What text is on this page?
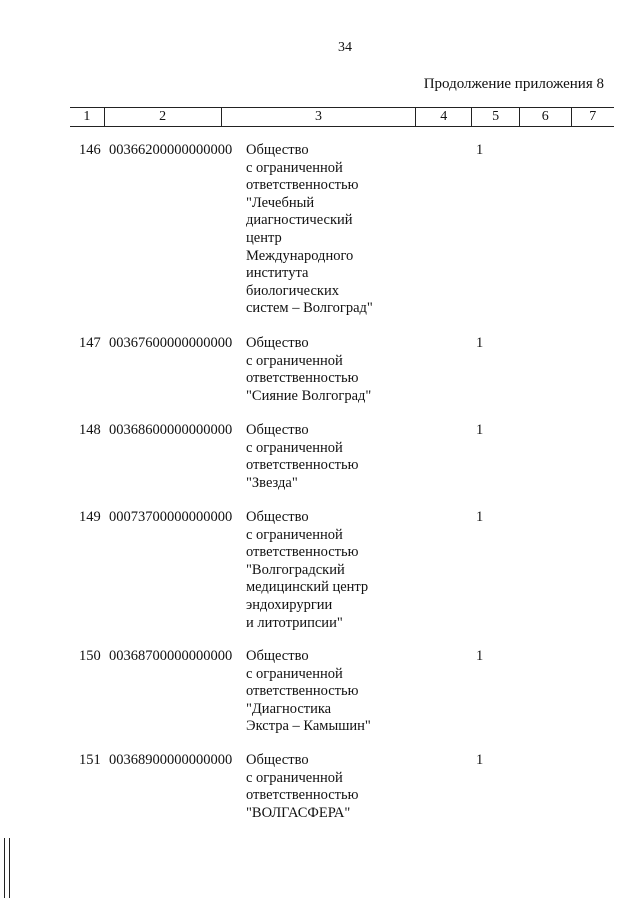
34
Продолжение приложения 8
1	2	3	4	5	6	7
146 00366200000000000 Общество
с ограниченной
ответственностью
"Лечебный
диагностический
центр
Международного
института
биологических
систем – Волгоград"
1
147 00367600000000000 Общество
с ограниченной
ответственностью
"Сияние Волгоград"
1
148 00368600000000000 Общество
с ограниченной
ответственностью
"Звезда"
1
149 00073700000000000 Общество
с ограниченной
ответственностью
"Волгоградский
медицинский центр
эндохирургии
и литотрипсии"
1
150 00368700000000000 Общество
с ограниченной
ответственностью
"Диагностика
Экстра – Камышин"
1
151 00368900000000000 Общество
с ограниченной
ответственностью
"ВОЛГАСФЕРА"
1
